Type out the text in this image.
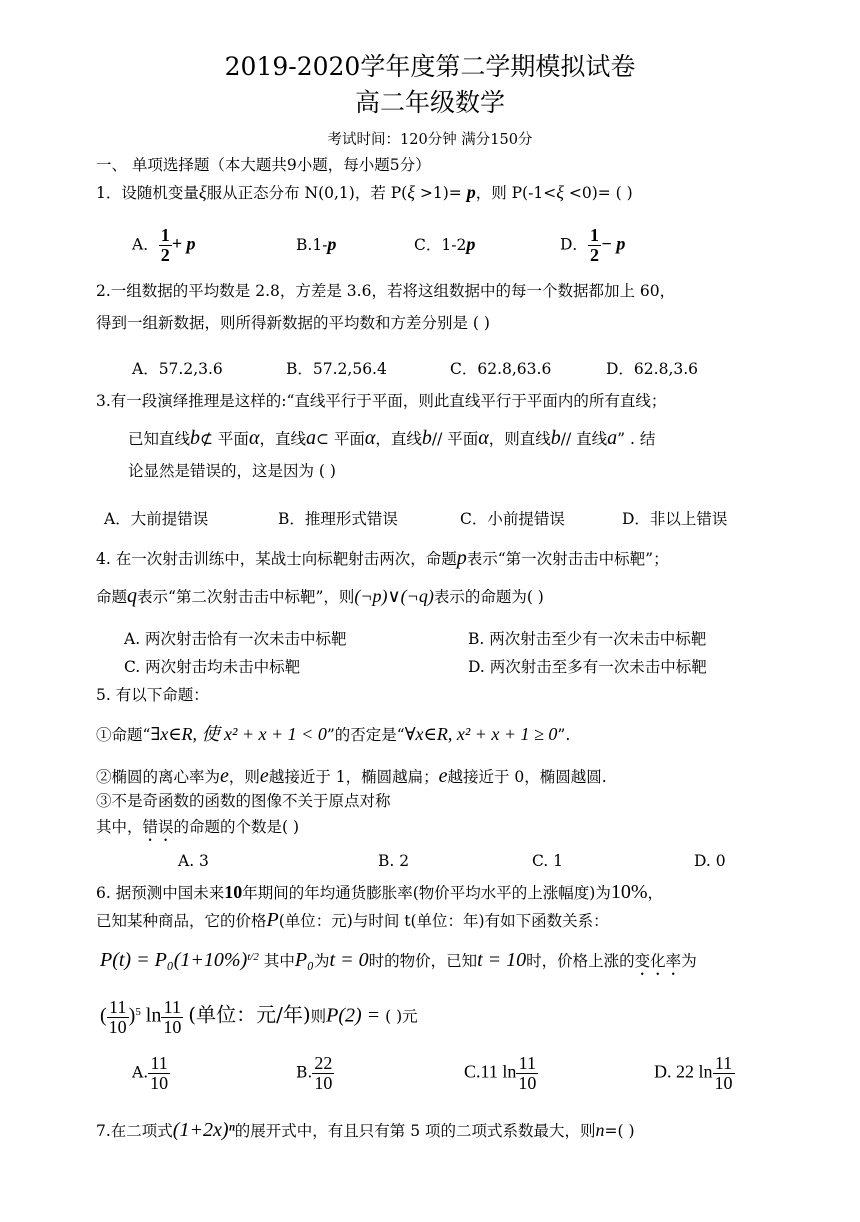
2019-2020学年度第二学期模拟试卷
高二年级数学
考试时间：120分钟 满分150分
一、 单项选择题（本大题共9小题，每小题5分）
1．设随机变量ξ服从正态分布 N(0,1)，若 P(ξ >1)= p，则 P(-1<ξ <0)= ( )
A． $\frac{1}{2} + p$	B.1-p	C．1-2p	D． $\frac{1}{2} - p$
2.一组数据的平均数是 2.8，方差是 3.6，若将这组数据中的每一个数据都加上 60，
得到一组新数据，则所得新数据的平均数和方差分别是 ( )
A．57.2,3.6	B．57.2,56.4	C．62.8,63.6	D．62.8,3.6
3.有一段演绎推理是这样的:“直线平行于平面，则此直线平行于平面内的所有直线；
已知直线b⊄ 平面α，直线a⊂ 平面α，直线b// 平面α，则直线b// 直线a” . 结
论显然是错误的，这是因为 ( )
A．大前提错误	B．推理形式错误	C．小前提错误	D．非以上错误
4. 在一次射击训练中，某战士向标靶射击两次，命题p表示“第一次射击击中标靶”；
命题q表示“第二次射击击中标靶”，则(¬p)∨(¬q)表示的命题为( )
A. 两次射击恰有一次未击中标靶	B. 两次射击至少有一次未击中标靶
C. 两次射击均未击中标靶	D. 两次射击至多有一次未击中标靶
5. 有以下命题：
①命题“∃x∈R, 使 x² + x + 1 < 0”的否定是“∀x∈R, x² + x + 1 ≥ 0”.
②椭圆的离心率为e，则e越接近于 1，椭圆越扁；e越接近于 0，椭圆越圆.
③不是奇函数的函数的图像不关于原点对称
其中，错误的命题的个数是( )
A. 3	B. 2	C. 1	D. 0
6. 据预测中国未来10年期间的年均通货膨胀率(物价平均水平的上涨幅度)为10%，
已知某种商品，它的价格P(单位：元)与时间 t(单位：年)有如下函数关系：
$P(t) = P_0(1+10\%)^{t/2}$ 其中P₀为t = 0时的物价，已知t = 10时，价格上涨的变化率为
( $\frac{11}{10} )^5$ $\ln \frac{11}{10}$ (单位：元/年)则P(2) = ( )元
A. $\frac{11}{10}$	B. $\frac{22}{10}$	C.11 $\ln \frac{11}{10}$	D. 22 $\ln \frac{11}{10}$
7.在二项式(1+2x)ⁿ的展开式中，有且只有第 5 项的二项式系数最大，则n=( )
